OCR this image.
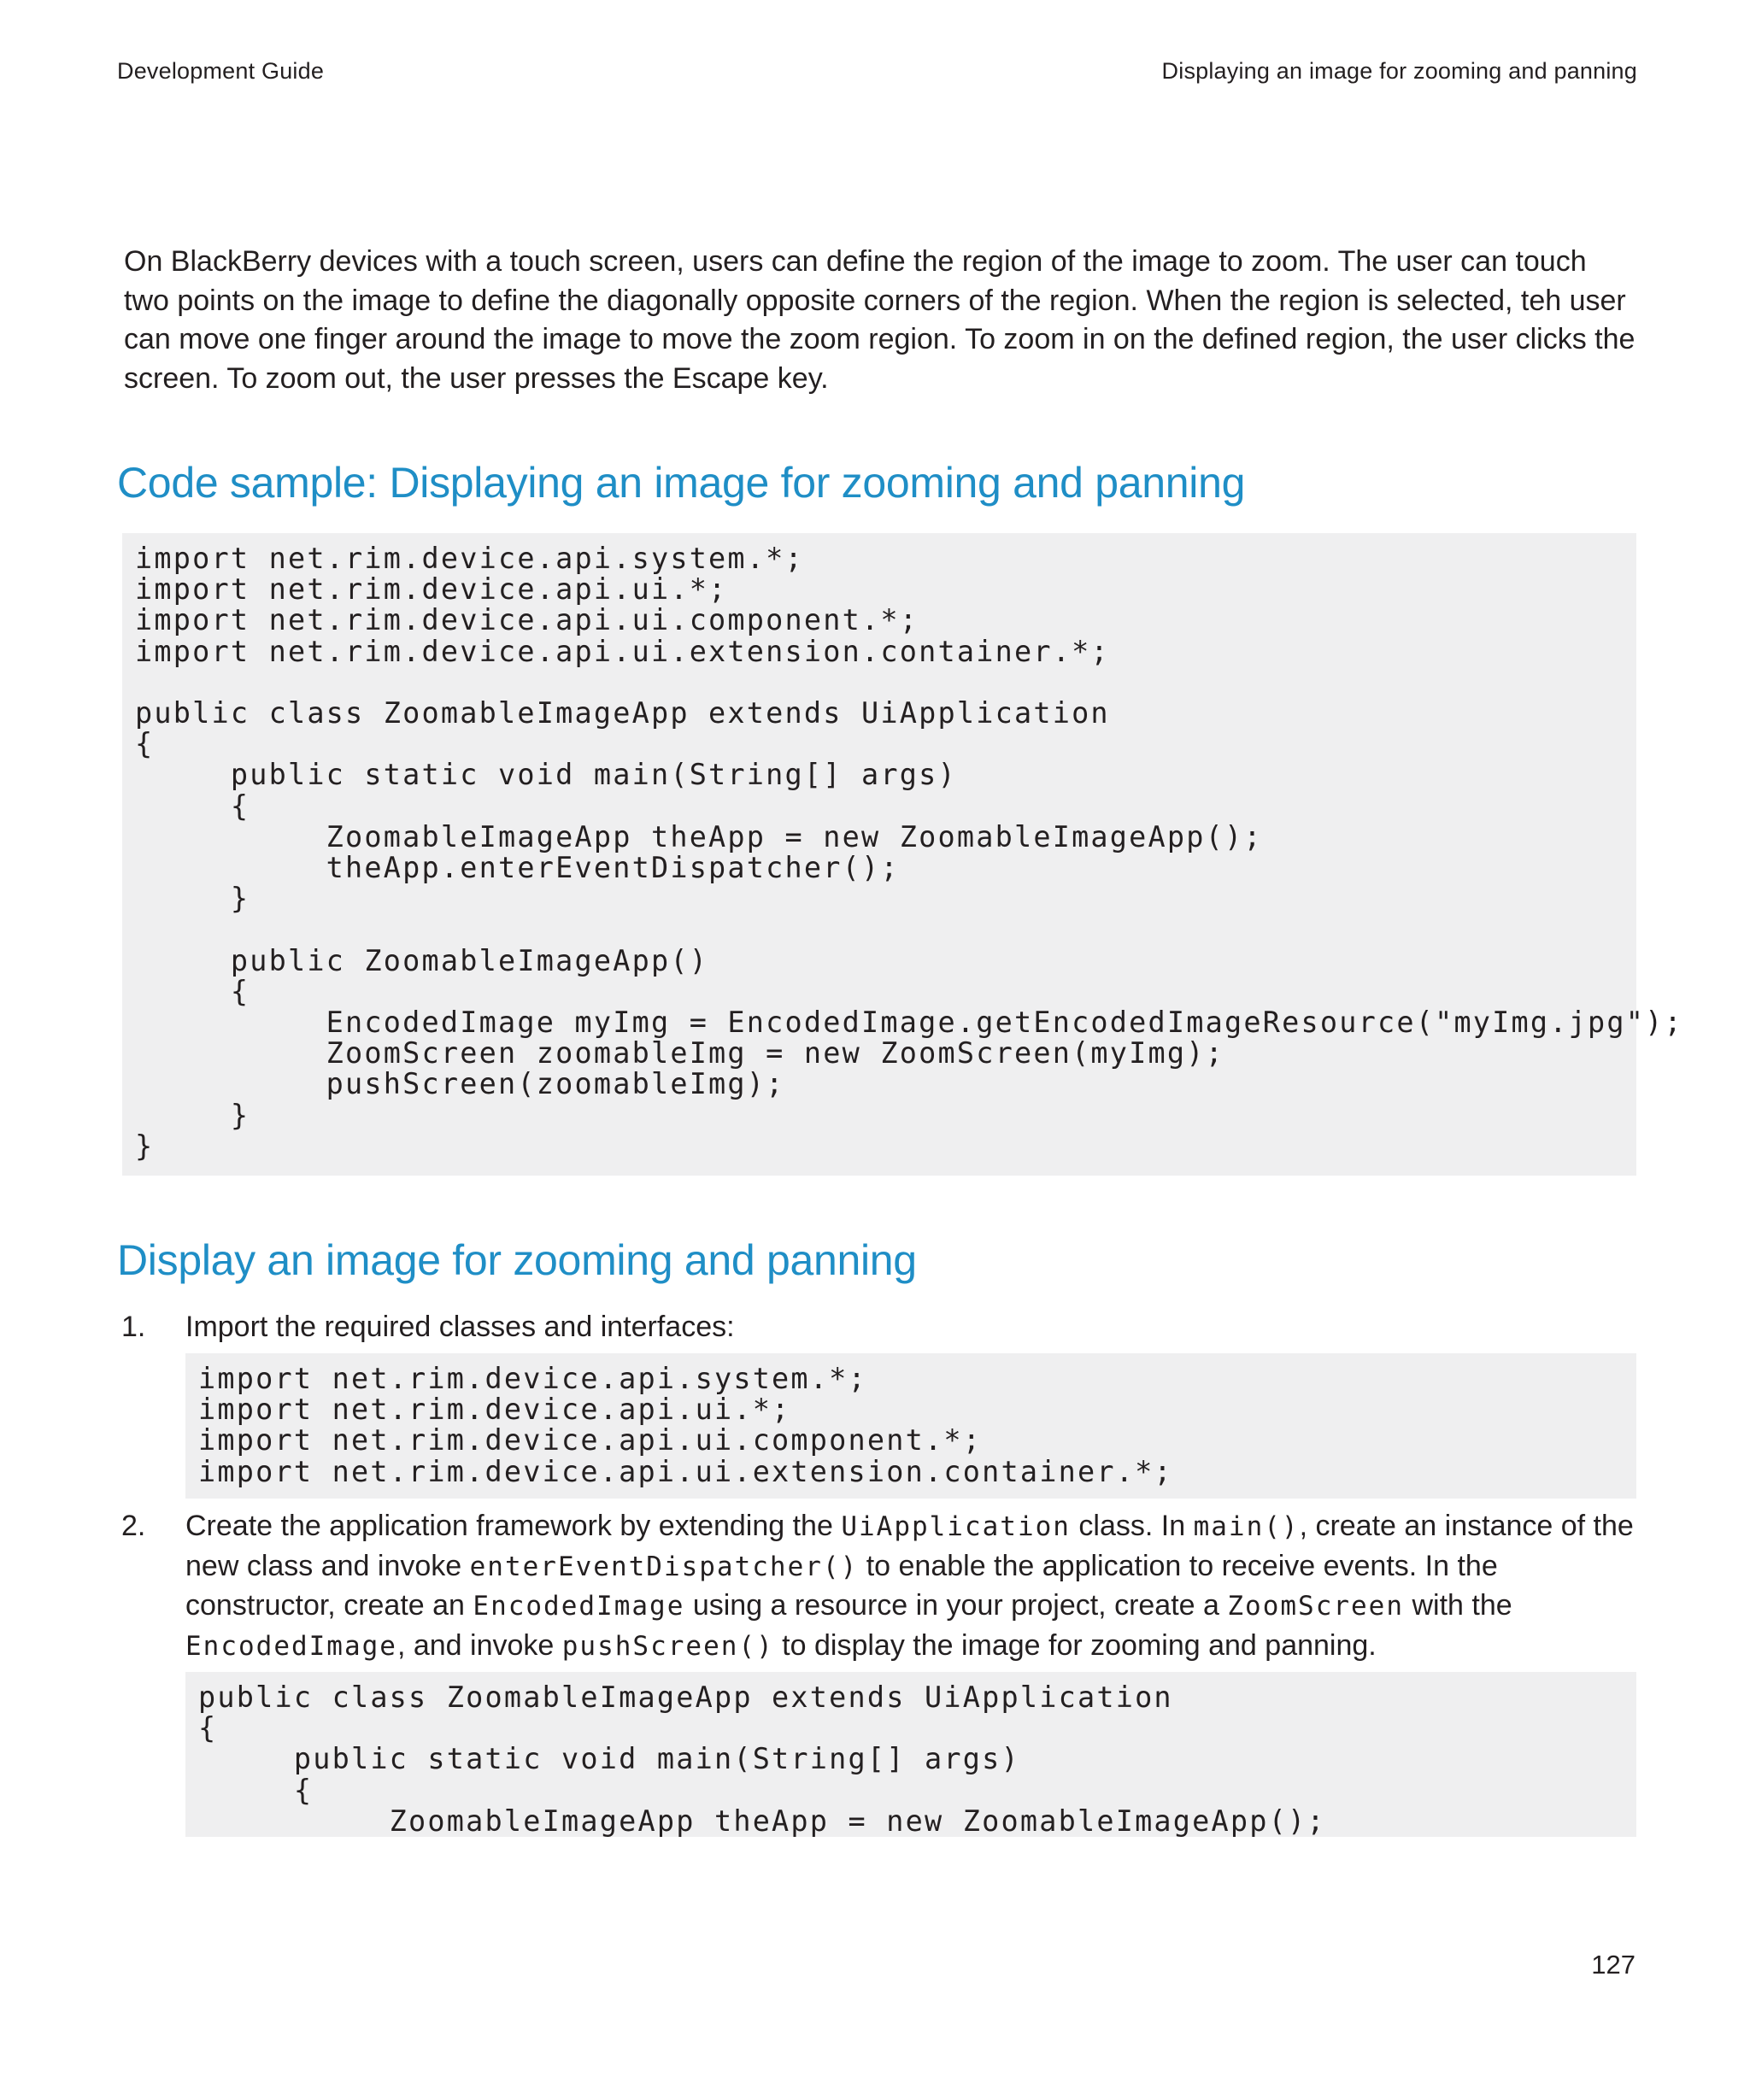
Development Guide	Displaying an image for zooming and panning

On BlackBerry devices with a touch screen, users can define the region of the image to zoom. The user can touch two points on the image to define the diagonally opposite corners of the region. When the region is selected, teh user can move one finger around the image to move the zoom region. To zoom in on the defined region, the user clicks the screen. To zoom out, the user presses the Escape key.

Code sample: Displaying an image for zooming and panning
import net.rim.device.api.system.*;
import net.rim.device.api.ui.*;
import net.rim.device.api.ui.component.*;
import net.rim.device.api.ui.extension.container.*;

public class ZoomableImageApp extends UiApplication
{
public static void main(String[] args)
{
ZoomableImageApp theApp = new ZoomableImageApp();
theApp.enterEventDispatcher();
}

public ZoomableImageApp()
{
EncodedImage myImg = EncodedImage.getEncodedImageResource("myImg.jpg");
ZoomScreen zoomableImg = new ZoomScreen(myImg);
pushScreen(zoomableImg);
}
}
Display an image for zooming and panning
1. Import the required classes and interfaces:
import net.rim.device.api.system.*;
import net.rim.device.api.ui.*;
import net.rim.device.api.ui.component.*;
import net.rim.device.api.ui.extension.container.*;
2. Create the application framework by extending the UiApplication class. In main(), create an instance of the new class and invoke enterEventDispatcher() to enable the application to receive events. In the constructor, create an EncodedImage using a resource in your project, create a ZoomScreen with the EncodedImage, and invoke pushScreen() to display the image for zooming and panning.

public class ZoomableImageApp extends UiApplication
{
public static void main(String[] args)
{
ZoomableImageApp theApp = new ZoomableImageApp();
127
